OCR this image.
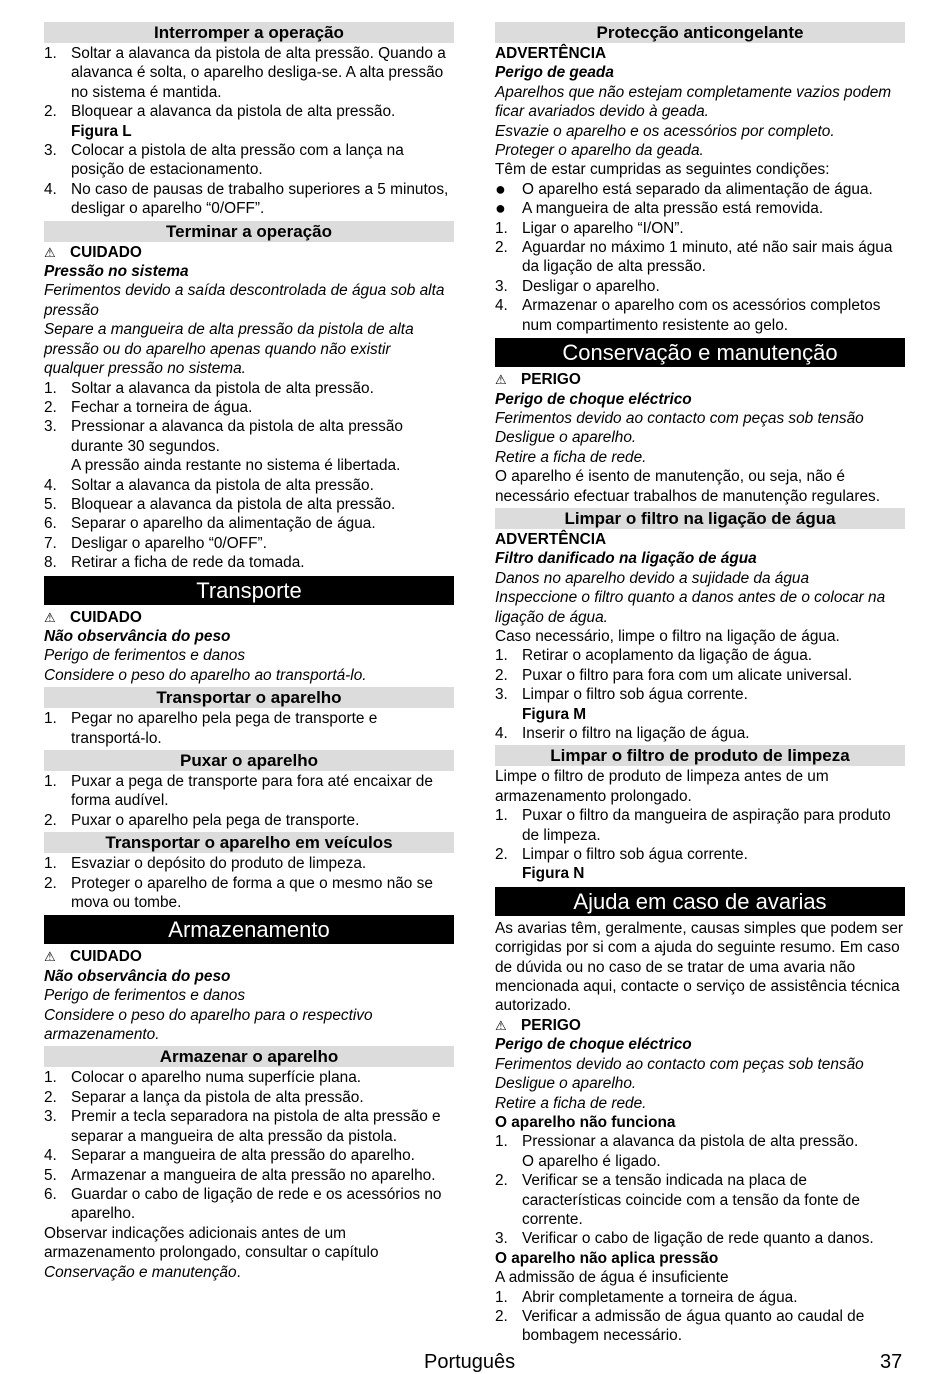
Interromper a operação
1. Soltar a alavanca da pistola de alta pressão. Quando a alavanca é solta, o aparelho desliga-se. A alta pressão no sistema é mantida.
2. Bloquear a alavanca da pistola de alta pressão.
Figura L
3. Colocar a pistola de alta pressão com a lança na posição de estacionamento.
4. No caso de pausas de trabalho superiores a 5 minutos, desligar o aparelho “0/OFF”.
Terminar a operação
⚠ CUIDADO
Pressão no sistema
Ferimentos devido a saída descontrolada de água sob alta pressão
Separe a mangueira de alta pressão da pistola de alta pressão ou do aparelho apenas quando não existir qualquer pressão no sistema.
1. Soltar a alavanca da pistola de alta pressão.
2. Fechar a torneira de água.
3. Pressionar a alavanca da pistola de alta pressão durante 30 segundos.
A pressão ainda restante no sistema é libertada.
4. Soltar a alavanca da pistola de alta pressão.
5. Bloquear a alavanca da pistola de alta pressão.
6. Separar o aparelho da alimentação de água.
7. Desligar o aparelho “0/OFF”.
8. Retirar a ficha de rede da tomada.
Transporte
⚠ CUIDADO
Não observância do peso
Perigo de ferimentos e danos
Considere o peso do aparelho ao transportá-lo.
Transportar o aparelho
1. Pegar no aparelho pela pega de transporte e transportá-lo.
Puxar o aparelho
1. Puxar a pega de transporte para fora até encaixar de forma audível.
2. Puxar o aparelho pela pega de transporte.
Transportar o aparelho em veículos
1. Esvaziar o depósito do produto de limpeza.
2. Proteger o aparelho de forma a que o mesmo não se mova ou tombe.
Armazenamento
⚠ CUIDADO
Não observância do peso
Perigo de ferimentos e danos
Considere o peso do aparelho para o respectivo armazenamento.
Armazenar o aparelho
1. Colocar o aparelho numa superfície plana.
2. Separar a lança da pistola de alta pressão.
3. Premir a tecla separadora na pistola de alta pressão e separar a mangueira de alta pressão da pistola.
4. Separar a mangueira de alta pressão do aparelho.
5. Armazenar a mangueira de alta pressão no aparelho.
6. Guardar o cabo de ligação de rede e os acessórios no aparelho.
Observar indicações adicionais antes de um armazenamento prolongado, consultar o capítulo Conservação e manutenção.
Protecção anticongelante
ADVERTÊNCIA
Perigo de geada
Aparelhos que não estejam completamente vazios podem ficar avariados devido à geada.
Esvazie o aparelho e os acessórios por completo.
Proteger o aparelho da geada.
Têm de estar cumpridas as seguintes condições:
●	O aparelho está separado da alimentação de água.
●	A mangueira de alta pressão está removida.
1. Ligar o aparelho “I/ON”.
2. Aguardar no máximo 1 minuto, até não sair mais água da ligação de alta pressão.
3. Desligar o aparelho.
4. Armazenar o aparelho com os acessórios completos num compartimento resistente ao gelo.
Conservação e manutenção
⚠ PERIGO
Perigo de choque eléctrico
Ferimentos devido ao contacto com peças sob tensão
Desligue o aparelho.
Retire a ficha de rede.
O aparelho é isento de manutenção, ou seja, não é necessário efectuar trabalhos de manutenção regulares.
Limpar o filtro na ligação de água
ADVERTÊNCIA
Filtro danificado na ligação de água
Danos no aparelho devido a sujidade da água
Inspeccione o filtro quanto a danos antes de o colocar na ligação de água.
Caso necessário, limpe o filtro na ligação de água.
1. Retirar o acoplamento da ligação de água.
2. Puxar o filtro para fora com um alicate universal.
3. Limpar o filtro sob água corrente.
Figura M
4. Inserir o filtro na ligação de água.
Limpar o filtro de produto de limpeza
Limpe o filtro de produto de limpeza antes de um armazenamento prolongado.
1. Puxar o filtro da mangueira de aspiração para produto de limpeza.
2. Limpar o filtro sob água corrente.
Figura N
Ajuda em caso de avarias
As avarias têm, geralmente, causas simples que podem ser corrigidas por si com a ajuda do seguinte resumo. Em caso de dúvida ou no caso de se tratar de uma avaria não mencionada aqui, contacte o serviço de assistência técnica autorizado.
⚠ PERIGO
Perigo de choque eléctrico
Ferimentos devido ao contacto com peças sob tensão
Desligue o aparelho.
Retire a ficha de rede.
O aparelho não funciona
1. Pressionar a alavanca da pistola de alta pressão.
O aparelho é ligado.
2. Verificar se a tensão indicada na placa de características coincide com a tensão da fonte de corrente.
3. Verificar o cabo de ligação de rede quanto a danos.
O aparelho não aplica pressão
A admissão de água é insuficiente
1. Abrir completamente a torneira de água.
2. Verificar a admissão de água quanto ao caudal de bombagem necessário.
Português	37
